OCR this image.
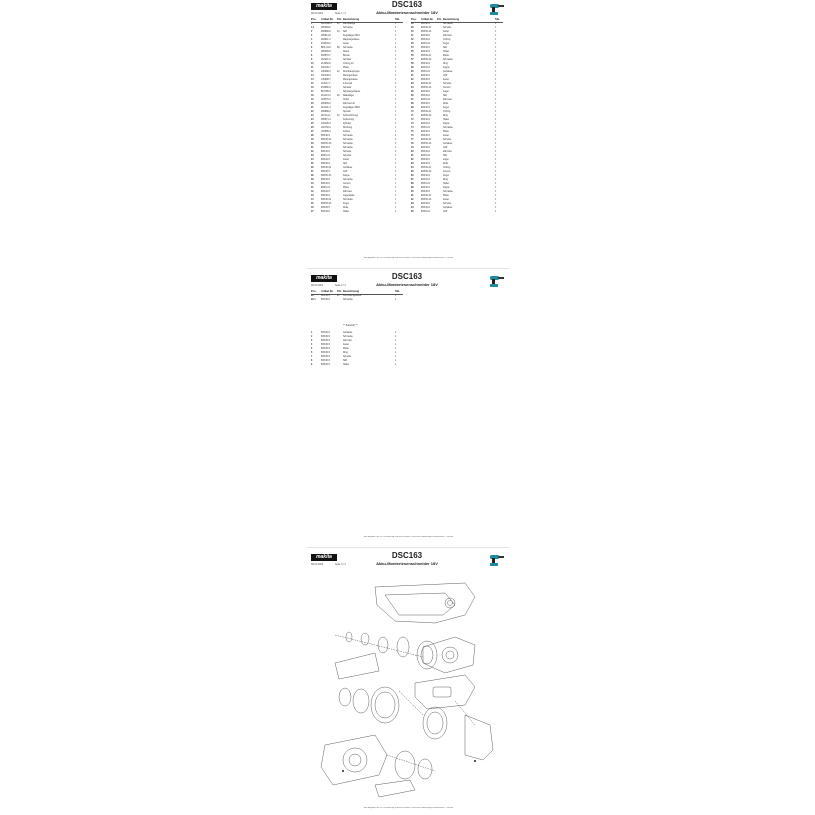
makita
06.01.2019	Seite 1 / 3
DSC163
Akku-Monteriesenschneider 18V
Alle Angaben nur zur Orientierung und ohne Gewähr. Technische Änderungen vorbehalten. © Makita
Pos. Artikel-Nr. P.G. Bezeichnung	Stk.
1	G8311M-3 21 Zahnstange	1
1-1	265384-2	Schraube	4
2	265880-6	10 Stift	1
3	265813-8	Kugellager 6001	1
4	284611-4	Magnetgehäuse	1
5	233004-2	Anker	1
6	B8X-16-8	80 Schraube	4
7	285306-8	Stator	1
8	262572-7	Bürste	1
9	262411-0	Schalter	1
10	213052-8	O-Ring 12	1
11	226135-7	Platte	1
12	140098-3	12 Rotorbaugruppe	1
13	162196-9	Motorgehäuse	1
14	145998-7	Motorgehäuse	1
15	211017-7	Innenrad	3
16	253680-4	Schalter	1
17	861785-9	Schaltergehäuse	1
18	211214-4	26 Nadellager	1
19	118576-3	Hebel	1
20	266093-2	Zahnrad 42	1
21	211221-4	Kugellager 6903	1
22	266898-2	Spindel	1
23	267114-1	10 Kolbenführung	1
24	265971-4	Kolbenring	1
25	162196-3	Zylinder	1
26	162760-0	Dichtung	1
27	162685-3	Kolben	1
28	B3X40-5	Schraube	4
29	B3X40-21	Schraube	3
30	B3X50-33	Schraube	2
31	B3X40-5	Schraube	1
32	B3X10-6	Scheibe	2
33	B3X6-21	Scheibe	1
34	B3X40-5	Feder	1
35	B3X40-5	Stift	1
36	B3X40-21	Gehäuse	1
37	B3X40-5	Griff	1
38	B3X50-33	Kappe	1
39	B3X40-5	Schraube	1
40	B3X10-6	Gummi	1
41	B3X6-21	Platte	1
42	B3X40-5	Zahnrad	1
43	B3X40-5	Lagerplatte	1
44	B3X40-21	Schraube	1
45	B3X50-33	Kugel	1
46	B3X40-5	Rolle	1
47	B3X10-6	Halter	1
Pos. Artikel-Nr. P.G. Bezeichnung	Stk.
48	B3X40-5	Schraube	1
49	B3X40-21	Scheibe	1
50	B3X50-33	Feder	1
51	B3X40-5	Zahnrad	1
52	B3X10-6	O-Ring	1
53	B3X6-21	Kugel	1
54	B3X40-5	Stift	1
55	B3X40-5	Halter	1
56	B3X40-21	Platte	1
57	B3X50-33	Schraube	1
58	B3X40-5	Ring	1
59	B3X10-6	Kappe	1
60	B3X6-21	Gehäuse	1
61	B3X40-5	Griff	1
62	B3X40-5	Feder	1
63	B3X40-21	Scheibe	1
64	B3X50-33	Gummi	1
65	B3X40-5	Lager	1
66	B3X10-6	Stift	1
67	B3X6-21	Zahnrad	1
68	B3X40-5	Rolle	1
69	B3X40-5	Kugel	1
70	B3X40-21	O-Ring	1
71	B3X50-33	Ring	1
72	B3X40-5	Halter	1
73	B3X10-6	Kappe	1
74	B3X6-21	Schraube	1
75	B3X40-5	Platte	1
76	B3X40-5	Feder	1
77	B3X40-21	Scheibe	1
78	B3X50-33	Gehäuse	1
79	B3X40-5	Griff	1
80	B3X10-6	Zahnrad	1
81	B3X6-21	Stift	1
82	B3X40-5	Lager	1
83	B3X40-5	Rolle	1
84	B3X40-21	O-Ring	1
85	B3X50-33	Gummi	1
86	B3X40-5	Kugel	1
87	B3X10-6	Ring	1
88	B3X6-21	Halter	1
89	B3X40-5	Kappe	1
90	B3X40-5	Schraube	1
91	B3X40-21	Platte	1
92	B3X50-33	Feder	1
93	B3X40-5	Scheibe	1
94	B3X10-6	Gehäuse	1
95	B3X6-21	Griff	1
makita
06.01.2019	Seite 2 / 3
DSC163
Akku-Monteriesenschneider 18V
Alle Angaben nur zur Orientierung und ohne Gewähr. Technische Änderungen vorbehalten. © Makita
Pos. Artikel-Nr. P.G. Bezeichnung	Stk.
98	B3X40-5	21 Verbindungsstück	1
99-1 B3X40-5	Schraube	1
** Zubehör **
1	B3X40-5	Gehäuse	1
2	B3X40-5	Schraube	1
3	B3X40-5	Zahnrad	1
4	B3X40-5	Feder	1
5	B3X40-5	Platte	1
6	B3X40-5	Ring	1
7	B3X40-5	Scheibe	1
8	B3X40-5	Stift	1
9	B3X40-5	Halter	1
makita
06.01.2019	Seite 3 / 3
DSC163
Akku-Monteriesenschneider 18V
Alle Angaben nur zur Orientierung und ohne Gewähr. Technische Änderungen vorbehalten. © Makita
